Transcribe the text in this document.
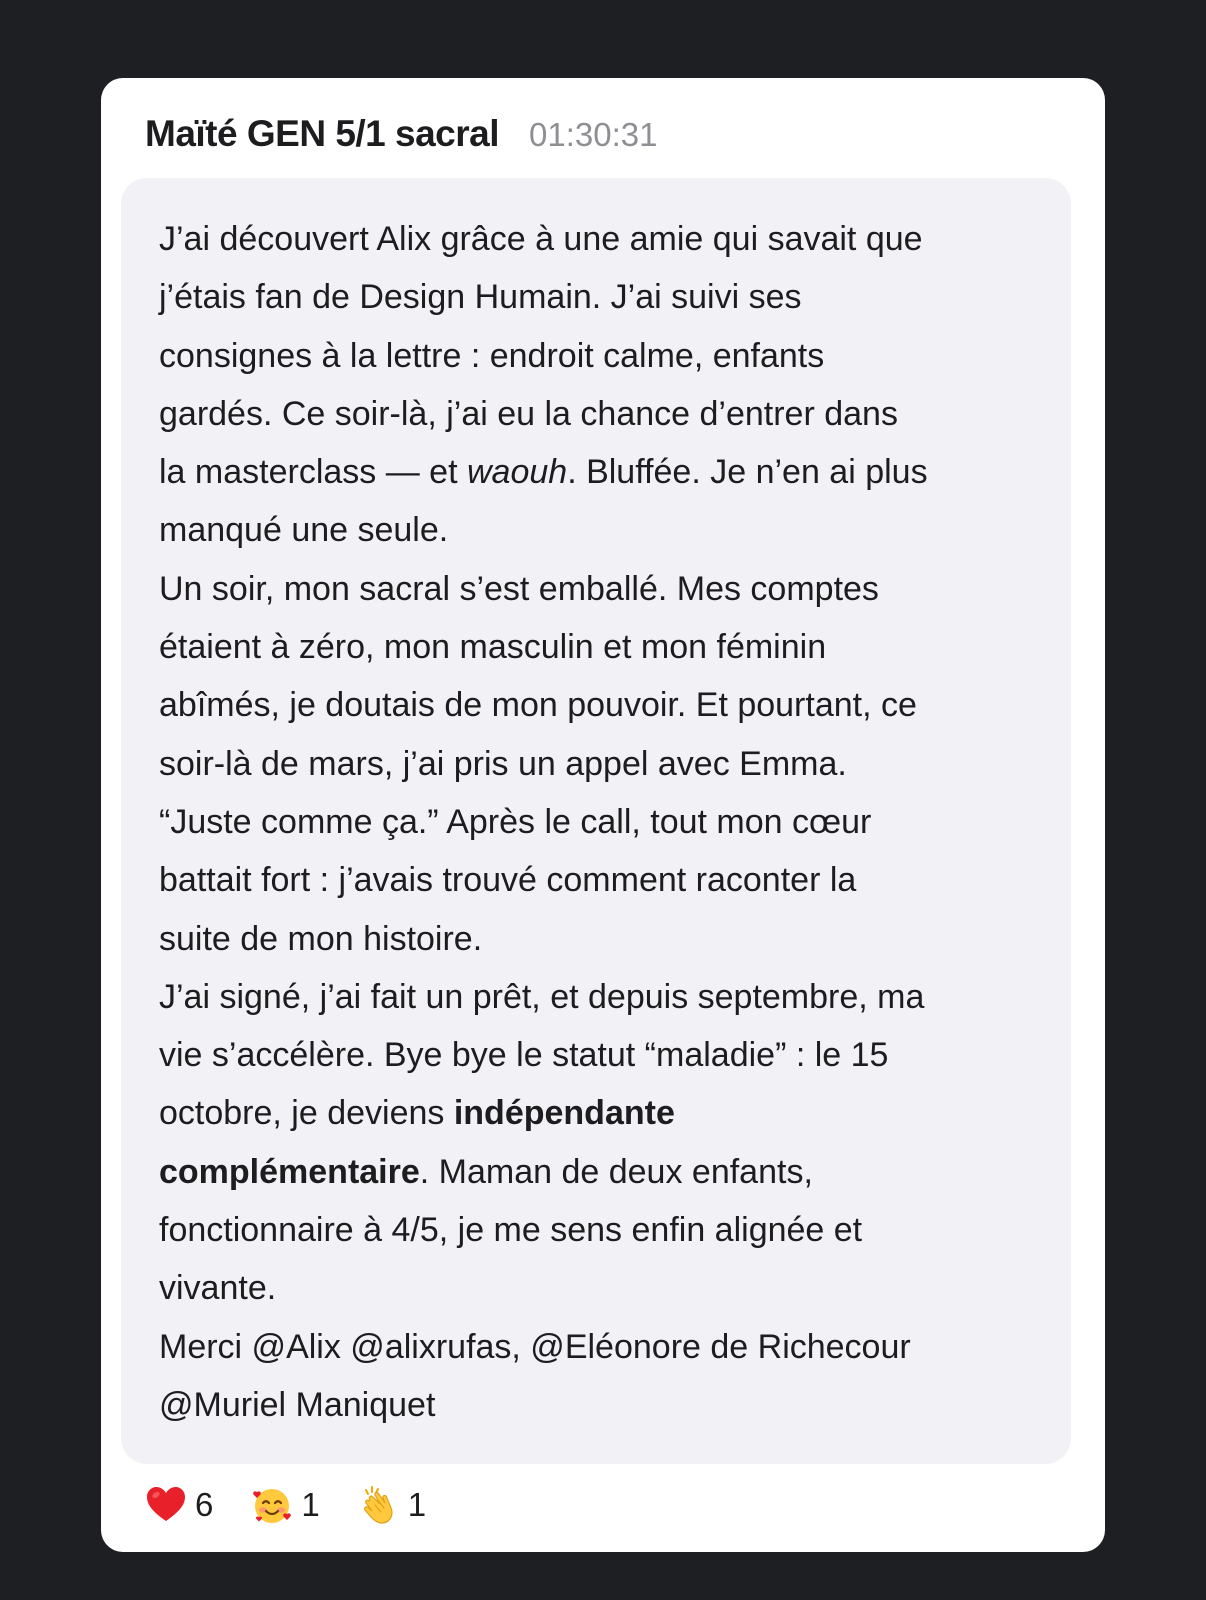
Maïté GEN 5/1 sacral 01:30:31
J’ai découvert Alix grâce à une amie qui savait que
j’étais fan de Design Humain. J’ai suivi ses
consignes à la lettre : endroit calme, enfants
gardés. Ce soir-là, j’ai eu la chance d’entrer dans
la masterclass — et waouh. Bluffée. Je n’en ai plus
manqué une seule.
Un soir, mon sacral s’est emballé. Mes comptes
étaient à zéro, mon masculin et mon féminin
abîmés, je doutais de mon pouvoir. Et pourtant, ce
soir-là de mars, j’ai pris un appel avec Emma.
“Juste comme ça.” Après le call, tout mon cœur
battait fort : j’avais trouvé comment raconter la
suite de mon histoire.
J’ai signé, j’ai fait un prêt, et depuis septembre, ma
vie s’accélère. Bye bye le statut “maladie” : le 15
octobre, je deviens indépendante
complémentaire. Maman de deux enfants,
fonctionnaire à 4/5, je me sens enfin alignée et
vivante.
Merci @Alix @alixrufas, @Eléonore de Richecour
@Muriel Maniquet
6	1	1
